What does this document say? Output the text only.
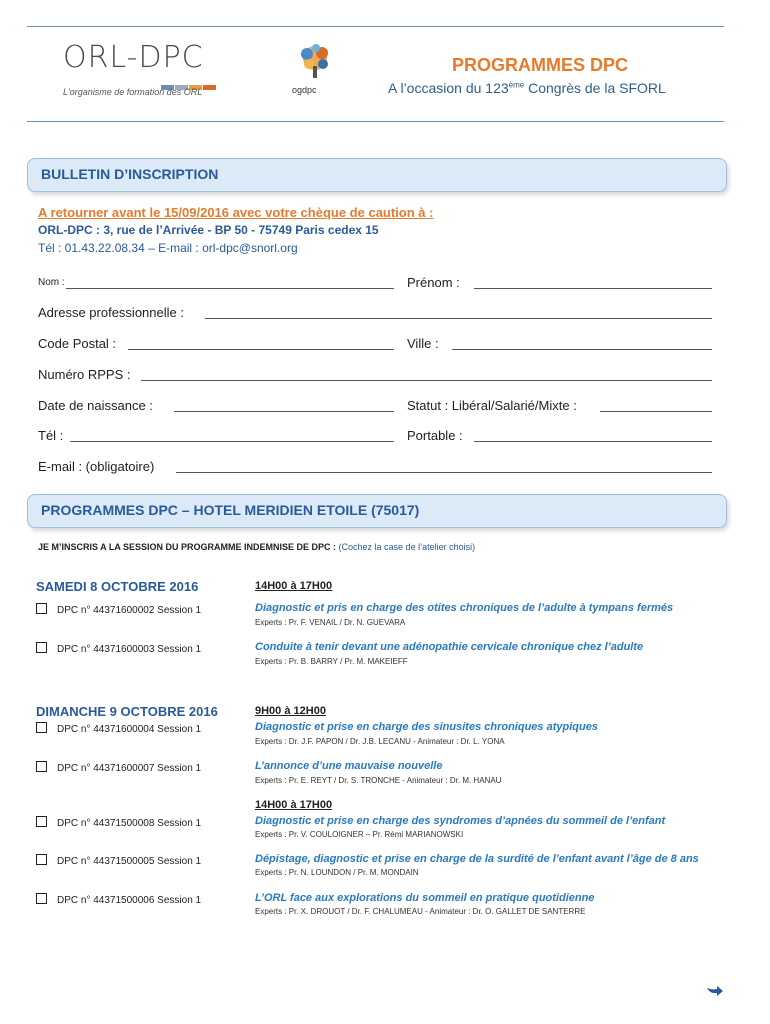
ORL-DPC
L'organisme de formation des ORL	ogdpc
PROGRAMMES DPC
A l’occasion du 123ème Congrès de la SFORL
BULLETIN D’INSCRIPTION
A retourner avant le 15/09/2016 avec votre chèque de caution à :
ORL-DPC : 3, rue de l’Arrivée - BP 50 - 75749 Paris cedex 15
Tél : 01.43.22.08.34 – E-mail : orl-dpc@snorl.org
Nom :	Prénom :
Adresse professionnelle :
Code Postal :	Ville :
Numéro RPPS :
Date de naissance :	Statut : Libéral/Salarié/Mixte :
Tél :	Portable :
E-mail : (obligatoire)
PROGRAMMES DPC – HOTEL MERIDIEN ETOILE (75017)
JE M’INSCRIS A LA SESSION DU PROGRAMME INDEMNISE DE DPC : (Cochez la case de l’atelier choisi)
SAMEDI 8 OCTOBRE 2016	14H00 à 17H00
DPC n° 44371600002 Session 1	Diagnostic et pris en charge des otites chroniques de l’adulte à tympans fermés
Experts : Pr. F. VENAIL / Dr. N. GUEVARA
DPC n° 44371600003 Session 1	Conduite à tenir devant une adénopathie cervicale chronique chez l’adulte
Experts : Pr. B. BARRY / Pr. M. MAKEIEFF
DIMANCHE 9 OCTOBRE 2016	9H00 à 12H00
DPC n° 44371600004 Session 1	Diagnostic et prise en charge des sinusites chroniques atypiques
Experts : Dr. J.F. PAPON / Dr. J.B. LECANU - Animateur : Dr. L. YONA
DPC n° 44371600007 Session 1	L’annonce d’une mauvaise nouvelle
Experts : Pr. E. REYT / Dr. S. TRONCHE - Animateur : Dr. M. HANAU
14H00 à 17H00
DPC n° 44371500008 Session 1	Diagnostic et prise en charge des syndromes d’apnées du sommeil de l’enfant
Experts : Pr. V. COULOIGNER – Pr. Rémi MARIANOWSKI
DPC n° 44371500005 Session 1	Dépistage, diagnostic et prise en charge de la surdité de l’enfant avant l’âge de 8 ans
Experts : Pr. N. LOUNDON / Pr. M. MONDAIN
DPC n° 44371500006 Session 1	L’ORL face aux explorations du sommeil en pratique quotidienne
Experts : Pr. X. DROUOT / Dr. F. CHALUMEAU - Animateur : Dr. O. GALLET DE SANTERRE
